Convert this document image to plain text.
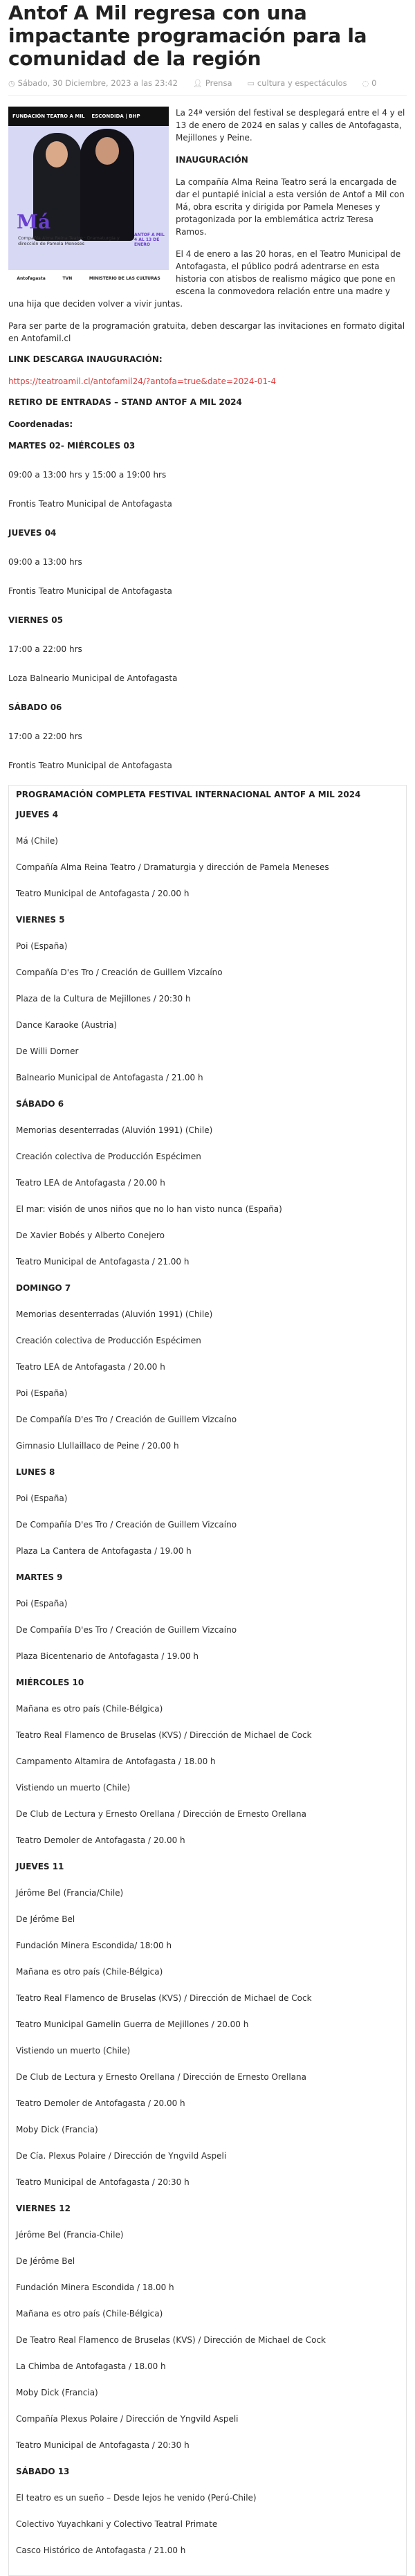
Antof A Mil regresa con una impactante programación para la comunidad de la región
◷ Sábado, 30 Diciembre, 2023 a las 23:42 👤︎ Prensa ▭ cultura y espectáculos ◌ 0
FUNDACIÓN TEATRO A MIL ESCONDIDA | BHP
Má
Compañía Alma Reina Teatro · Dramaturgia y dirección de Pamela Meneses
ANTOF A MIL 4 AL 13 DE ENERO
Antofagasta	TVN	MINISTERIO DE LAS CULTURAS

La 24ª versión del festival se desplegará entre el 4 y el 13 de enero de 2024 en salas y calles de Antofagasta, Mejillones y Peine.

INAUGURACIÓN

La compañía Alma Reina Teatro será la encargada de dar el puntapié inicial a esta versión de Antof a Mil con Má, obra escrita y dirigida por Pamela Meneses y protagonizada por la emblemática actriz Teresa Ramos.

El 4 de enero a las 20 horas, en el Teatro Municipal de Antofagasta, el público podrá adentrarse en esta historia con atisbos de realismo mágico que pone en escena la conmovedora relación entre una madre y una hija que deciden volver a vivir juntas.

Para ser parte de la programación gratuita, deben descargar las invitaciones en formato digital en Antofamil.cl

LINK DESCARGA INAUGURACIÓN:

https://teatroamil.cl/antofamil24/?antofa=true&date=2024-01-4

RETIRO DE ENTRADAS – STAND ANTOF A MIL 2024

Coordenadas:

MARTES 02- MIÉRCOLES 03
09:00 a 13:00 hrs y 15:00 a 19:00 hrs
Frontis Teatro Municipal de Antofagasta
JUEVES 04
09:00 a 13:00 hrs
Frontis Teatro Municipal de Antofagasta
VIERNES 05
17:00 a 22:00 hrs
Loza Balneario Municipal de Antofagasta
SÁBADO 06
17:00 a 22:00 hrs
Frontis Teatro Municipal de Antofagasta
PROGRAMACIÓN COMPLETA FESTIVAL INTERNACIONAL ANTOF A MIL 2024
JUEVES 4
Má (Chile)
Compañía Alma Reina Teatro / Dramaturgia y dirección de Pamela Meneses
Teatro Municipal de Antofagasta / 20.00 h
VIERNES 5
Poi (España)
Compañía D'es Tro / Creación de Guillem Vizcaíno
Plaza de la Cultura de Mejillones / 20:30 h
Dance Karaoke (Austria)
De Willi Dorner
Balneario Municipal de Antofagasta / 21.00 h
SÁBADO 6
Memorias desenterradas (Aluvión 1991) (Chile)
Creación colectiva de Producción Espécimen
Teatro LEA de Antofagasta / 20.00 h
El mar: visión de unos niños que no lo han visto nunca (España)
De Xavier Bobés y Alberto Conejero
Teatro Municipal de Antofagasta / 21.00 h
DOMINGO 7
Memorias desenterradas (Aluvión 1991) (Chile)
Creación colectiva de Producción Espécimen
Teatro LEA de Antofagasta / 20.00 h
Poi (España)
De Compañía D'es Tro / Creación de Guillem Vizcaíno
Gimnasio Llullaillaco de Peine / 20.00 h
LUNES 8
Poi (España)
De Compañía D'es Tro / Creación de Guillem Vizcaíno
Plaza La Cantera de Antofagasta / 19.00 h
MARTES 9
Poi (España)
De Compañía D'es Tro / Creación de Guillem Vizcaíno
Plaza Bicentenario de Antofagasta / 19.00 h
MIÉRCOLES 10
Mañana es otro país (Chile-Bélgica)
Teatro Real Flamenco de Bruselas (KVS) / Dirección de Michael de Cock
Campamento Altamira de Antofagasta / 18.00 h
Vistiendo un muerto (Chile)
De Club de Lectura y Ernesto Orellana / Dirección de Ernesto Orellana
Teatro Demoler de Antofagasta / 20.00 h
JUEVES 11
Jérôme Bel (Francia/Chile)
De Jérôme Bel
Fundación Minera Escondida/ 18:00 h
Mañana es otro país (Chile-Bélgica)
Teatro Real Flamenco de Bruselas (KVS) / Dirección de Michael de Cock
Teatro Municipal Gamelin Guerra de Mejillones / 20.00 h
Vistiendo un muerto (Chile)
De Club de Lectura y Ernesto Orellana / Dirección de Ernesto Orellana
Teatro Demoler de Antofagasta / 20.00 h
Moby Dick (Francia)
De Cía. Plexus Polaire / Dirección de Yngvild Aspeli
Teatro Municipal de Antofagasta / 20:30 h
VIERNES 12
Jérôme Bel (Francia-Chile)
De Jérôme Bel
Fundación Minera Escondida / 18.00 h
Mañana es otro país (Chile-Bélgica)
De Teatro Real Flamenco de Bruselas (KVS) / Dirección de Michael de Cock
La Chimba de Antofagasta / 18.00 h
Moby Dick (Francia)
Compañía Plexus Polaire / Dirección de Yngvild Aspeli
Teatro Municipal de Antofagasta / 20:30 h
SÁBADO 13
El teatro es un sueño – Desde lejos he venido (Perú-Chile)
Colectivo Yuyachkani y Colectivo Teatral Primate
Casco Histórico de Antofagasta / 21.00 h
